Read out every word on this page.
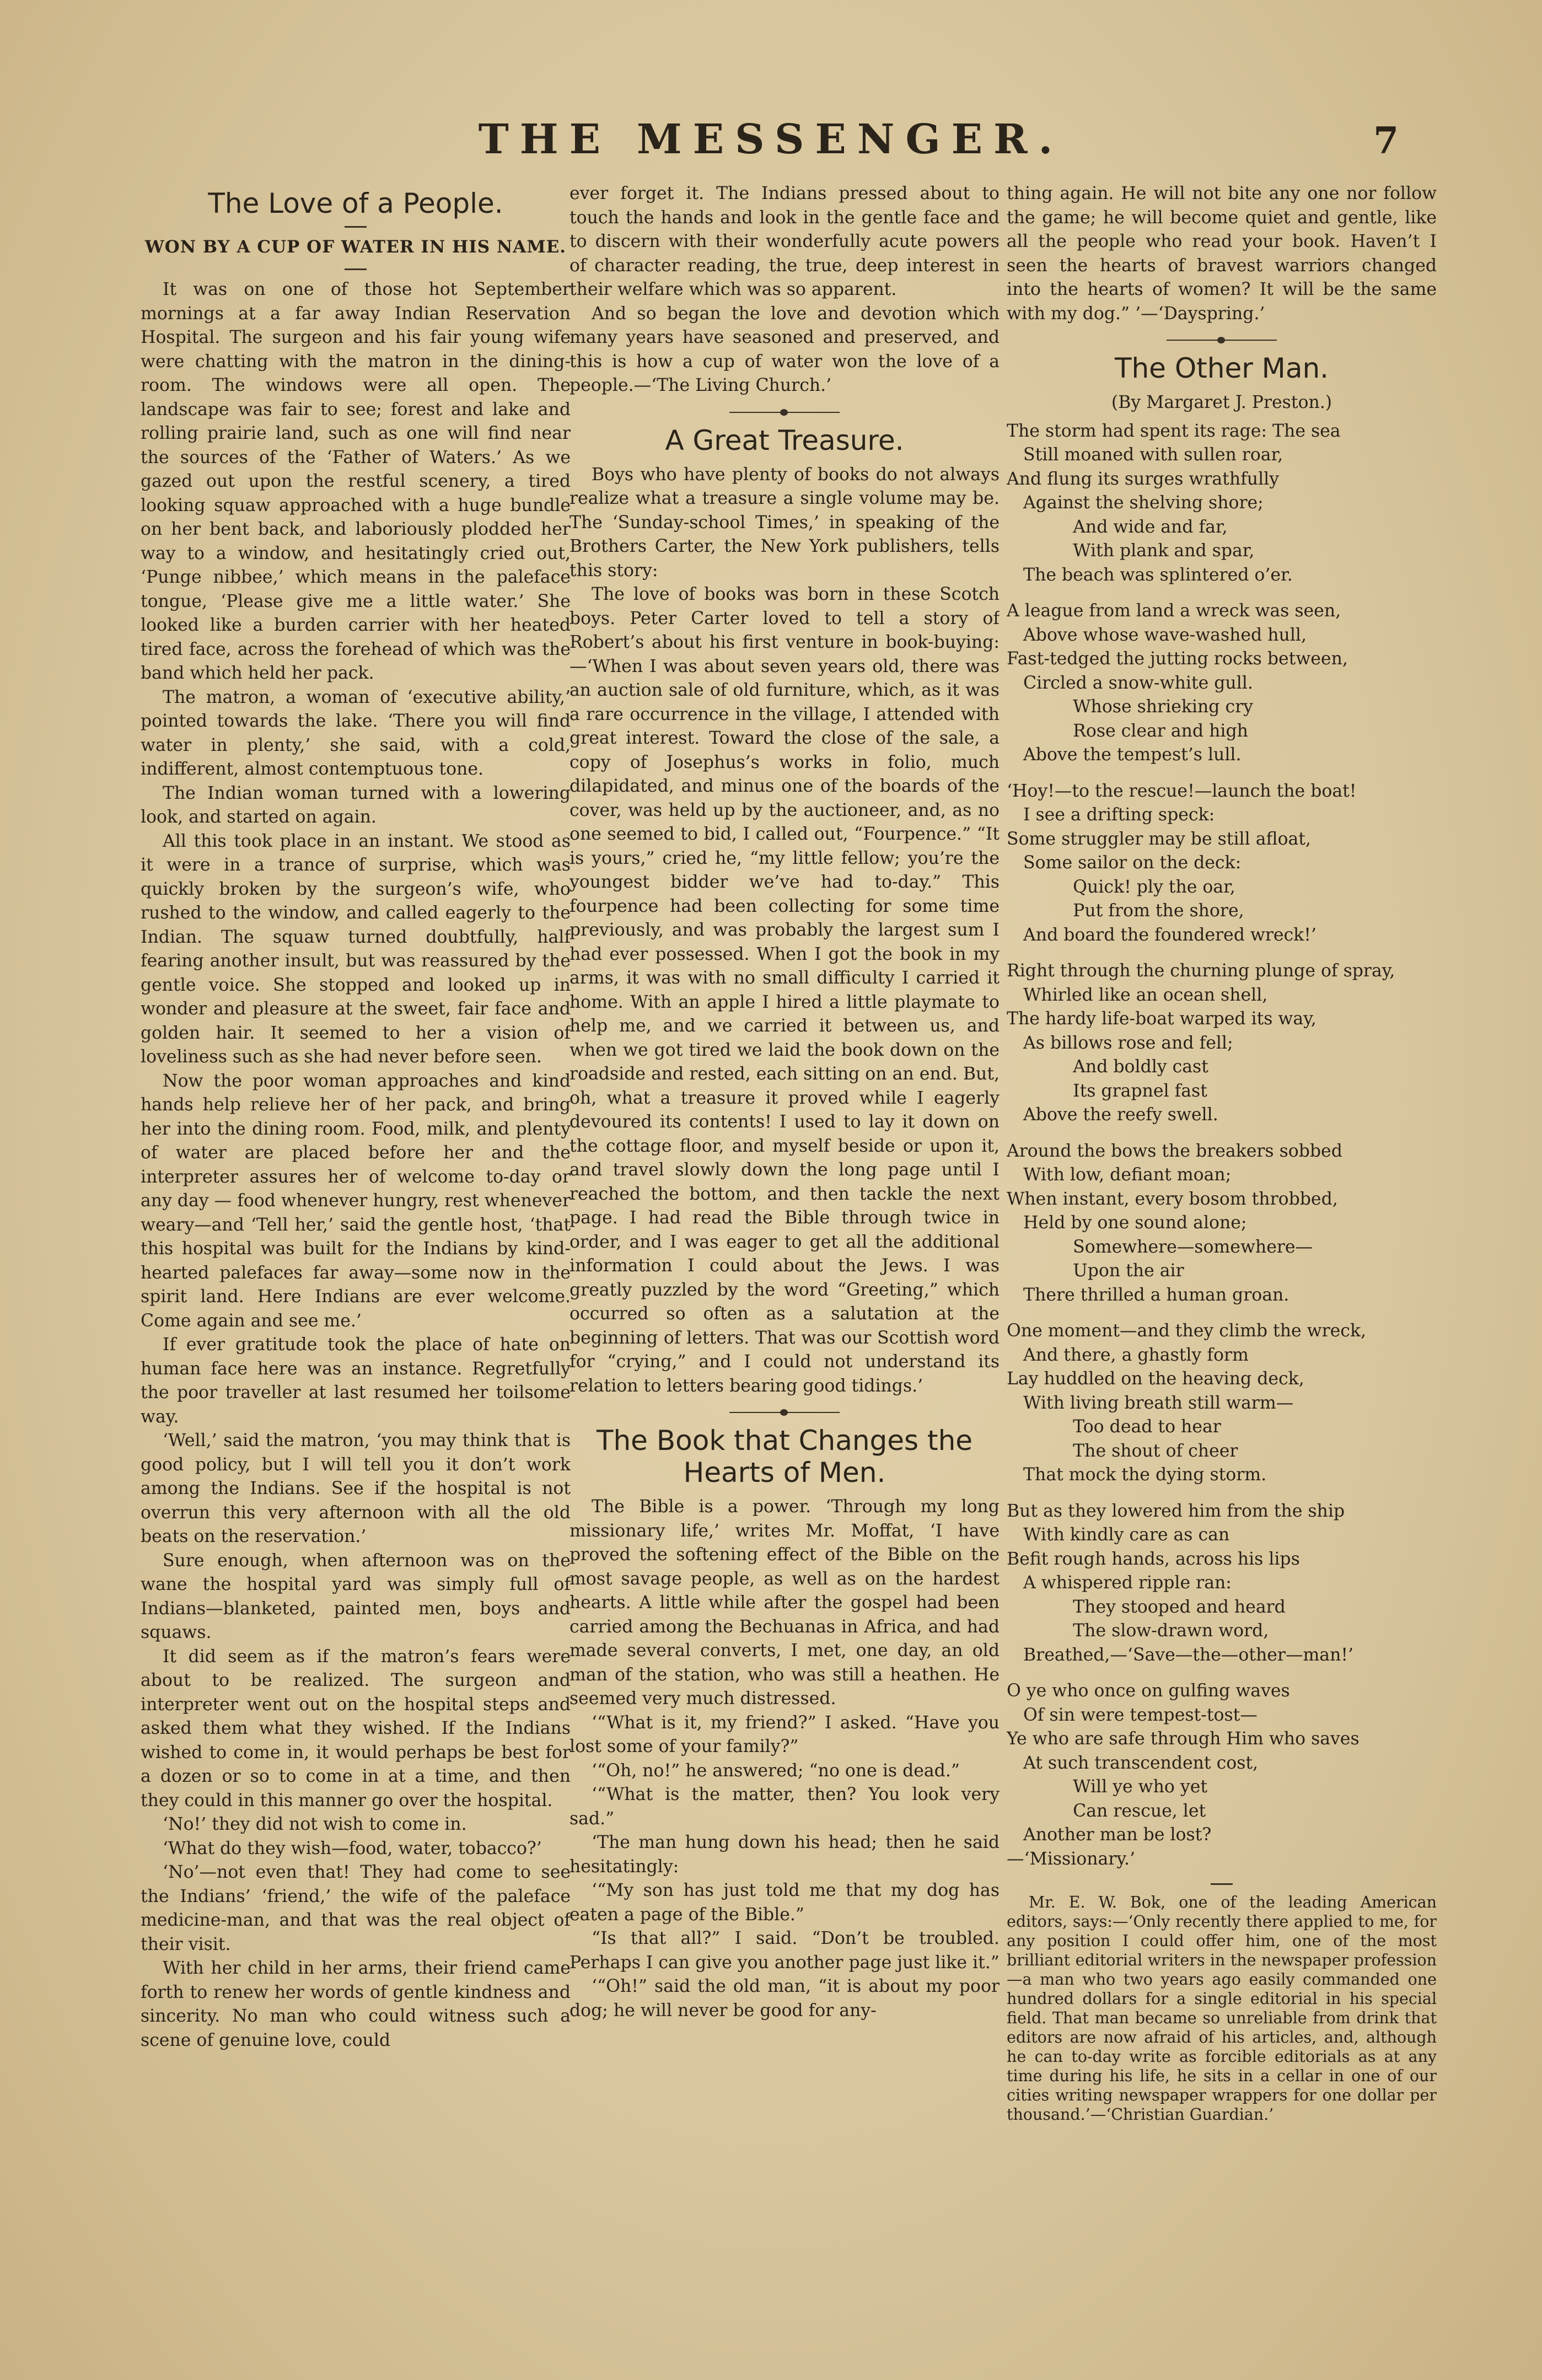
THE MESSENGER.	7
The Love of a People.
WON BY A CUP OF WATER IN HIS NAME.

It was on one of those hot September mornings at a far away Indian Reservation Hospital. The surgeon and his fair young wife were chatting with the matron in the dining-room. The windows were all open. The landscape was fair to see; forest and lake and rolling prairie land, such as one will find near the sources of the ‘Father of Waters.’ As we gazed out upon the restful scenery, a tired looking squaw approached with a huge bundle on her bent back, and laboriously plodded her way to a window, and hesitatingly cried out, ‘Punge nibbee,’ which means in the paleface tongue, ‘Please give me a little water.’ She looked like a burden carrier with her heated tired face, across the forehead of which was the band which held her pack.

The matron, a woman of ‘executive ability,’ pointed towards the lake. ‘There you will find water in plenty,’ she said, with a cold, indifferent, almost contemptuous tone.

The Indian woman turned with a lowering look, and started on again.

All this took place in an instant. We stood as it were in a trance of surprise, which was quickly broken by the surgeon’s wife, who rushed to the window, and called eagerly to the Indian. The squaw turned doubtfully, half fearing another insult, but was reassured by the gentle voice. She stopped and looked up in wonder and pleasure at the sweet, fair face and golden hair. It seemed to her a vision of loveliness such as she had never before seen.

Now the poor woman approaches and kind hands help relieve her of her pack, and bring her into the dining room. Food, milk, and plenty of water are placed before her and the interpreter assures her of welcome to-day or any day — food whenever hungry, rest whenever weary—and ‘Tell her,’ said the gentle host, ‘that this hospital was built for the Indians by kind-hearted palefaces far away—some now in the spirit land. Here Indians are ever welcome. Come again and see me.’

If ever gratitude took the place of hate on human face here was an instance. Regretfully the poor traveller at last resumed her toilsome way.

‘Well,’ said the matron, ‘you may think that is good policy, but I will tell you it don’t work among the Indians. See if the hospital is not overrun this very afternoon with all the old beats on the reservation.’

Sure enough, when afternoon was on the wane the hospital yard was simply full of Indians—blanketed, painted men, boys and squaws.

It did seem as if the matron’s fears were about to be realized. The surgeon and interpreter went out on the hospital steps and asked them what they wished. If the Indians wished to come in, it would perhaps be best for a dozen or so to come in at a time, and then they could in this manner go over the hospital.

‘No!’ they did not wish to come in.

‘What do they wish—food, water, tobacco?’

‘No’—not even that! They had come to see the Indians’ ‘friend,’ the wife of the paleface medicine-man, and that was the real object of their visit.

With her child in her arms, their friend came forth to renew her words of gentle kindness and sincerity. No man who could witness such a scene of genuine love, could

ever forget it. The Indians pressed about to touch the hands and look in the gentle face and to discern with their wonderfully acute powers of character reading, the true, deep interest in their welfare which was so apparent.

And so began the love and devotion which many years have seasoned and preserved, and this is how a cup of water won the love of a people.—‘The Living Church.’

A Great Treasure.

Boys who have plenty of books do not always realize what a treasure a single volume may be. The ‘Sunday-school Times,’ in speaking of the Brothers Carter, the New York publishers, tells this story:

The love of books was born in these Scotch boys. Peter Carter loved to tell a story of Robert’s about his first venture in book-buying:—‘When I was about seven years old, there was an auction sale of old furniture, which, as it was a rare occurrence in the village, I attended with great interest. Toward the close of the sale, a copy of Josephus’s works in folio, much dilapidated, and minus one of the boards of the cover, was held up by the auctioneer, and, as no one seemed to bid, I called out, “Fourpence.” “It is yours,” cried he, “my little fellow; you’re the youngest bidder we’ve had to-day.” This fourpence had been collecting for some time previously, and was probably the largest sum I had ever possessed. When I got the book in my arms, it was with no small difficulty I carried it home. With an apple I hired a little playmate to help me, and we carried it between us, and when we got tired we laid the book down on the roadside and rested, each sitting on an end. But, oh, what a treasure it proved while I eagerly devoured its contents! I used to lay it down on the cottage floor, and myself beside or upon it, and travel slowly down the long page until I reached the bottom, and then tackle the next page. I had read the Bible through twice in order, and I was eager to get all the additional information I could about the Jews. I was greatly puzzled by the word “Greeting,” which occurred so often as a salutation at the beginning of letters. That was our Scottish word for “crying,” and I could not understand its relation to letters bearing good tidings.’

The Book that Changes the Hearts of Men.

The Bible is a power. ‘Through my long missionary life,’ writes Mr. Moffat, ‘I have proved the softening effect of the Bible on the most savage people, as well as on the hardest hearts. A little while after the gospel had been carried among the Bechuanas in Africa, and had made several converts, I met, one day, an old man of the station, who was still a heathen. He seemed very much distressed.

‘“What is it, my friend?” I asked. “Have you lost some of your family?”

‘“Oh, no!” he answered; “no one is dead.”

‘“What is the matter, then? You look very sad.”

‘The man hung down his head; then he said hesitatingly:

‘“My son has just told me that my dog has eaten a page of the Bible.”

“Is that all?” I said. “Don’t be troubled. Perhaps I can give you another page just like it.”

‘“Oh!” said the old man, “it is about my poor dog; he will never be good for any-

thing again. He will not bite any one nor follow the game; he will become quiet and gentle, like all the people who read your book. Haven’t I seen the hearts of bravest warriors changed into the hearts of women? It will be the same with my dog.” ’—‘Dayspring.’

The Other Man.
(By Margaret J. Preston.)
The storm had spent its rage: The sea
Still moaned with sullen roar,
And flung its surges wrathfully
Against the shelving shore;
And wide and far,
With plank and spar,
The beach was splintered o’er.
A league from land a wreck was seen,
Above whose wave-washed hull,
Fast-tedged the jutting rocks between,
Circled a snow-white gull.
Whose shrieking cry
Rose clear and high
Above the tempest’s lull.
‘Hoy!—to the rescue!—launch the boat!
I see a drifting speck:
Some struggler may be still afloat,
Some sailor on the deck:
Quick! ply the oar,
Put from the shore,
And board the foundered wreck!’
Right through the churning plunge of spray,
Whirled like an ocean shell,
The hardy life-boat warped its way,
As billows rose and fell;
And boldly cast
Its grapnel fast
Above the reefy swell.
Around the bows the breakers sobbed
With low, defiant moan;
When instant, every bosom throbbed,
Held by one sound alone;
Somewhere—somewhere—
Upon the air
There thrilled a human groan.
One moment—and they climb the wreck,
And there, a ghastly form
Lay huddled on the heaving deck,
With living breath still warm—
Too dead to hear
The shout of cheer
That mock the dying storm.
But as they lowered him from the ship
With kindly care as can
Befit rough hands, across his lips
A whispered ripple ran:
They stooped and heard
The slow-drawn word,
Breathed,—‘Save—the—other—man!’
O ye who once on gulfing waves
Of sin were tempest-tost—
Ye who are safe through Him who saves
At such transcendent cost,
Will ye who yet
Can rescue, let
Another man be lost?
—‘Missionary.’

Mr. E. W. Bok, one of the leading American editors, says:—‘Only recently there applied to me, for any position I could offer him, one of the most brilliant editorial writers in the newspaper profession—a man who two years ago easily commanded one hundred dollars for a single editorial in his special field. That man became so unreliable from drink that editors are now afraid of his articles, and, although he can to-day write as forcible editorials as at any time during his life, he sits in a cellar in one of our cities writing newspaper wrappers for one dollar per thousand.’—‘Christian Guardian.’
